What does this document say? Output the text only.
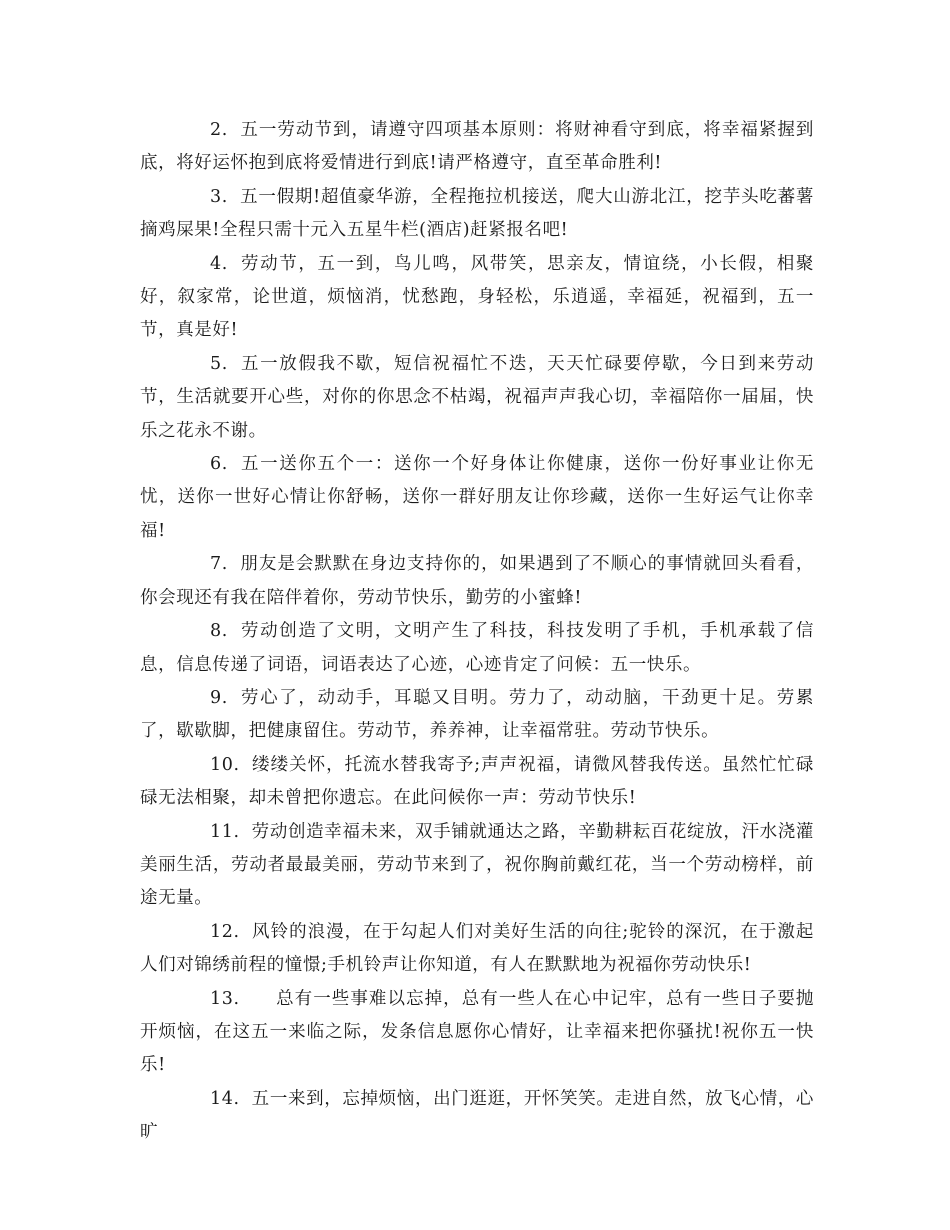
2. 五一劳动节到，请遵守四项基本原则：将财神看守到底，将幸福紧握到底，将好运怀抱到底将爱情进行到底!请严格遵守，直至革命胜利!

3. 五一假期!超值豪华游，全程拖拉机接送，爬大山游北江，挖芋头吃蕃薯摘鸡屎果!全程只需十元入五星牛栏(酒店)赶紧报名吧!

4. 劳动节，五一到，鸟儿鸣，风带笑，思亲友，情谊绕，小长假，相聚好，叙家常，论世道，烦恼消，忧愁跑，身轻松，乐逍遥，幸福延，祝福到，五一节，真是好!

5. 五一放假我不歇，短信祝福忙不迭，天天忙碌要停歇，今日到来劳动节，生活就要开心些，对你的你思念不枯竭，祝福声声我心切，幸福陪你一届届，快乐之花永不谢。

6. 五一送你五个一：送你一个好身体让你健康，送你一份好事业让你无忧，送你一世好心情让你舒畅，送你一群好朋友让你珍藏，送你一生好运气让你幸福!

7. 朋友是会默默在身边支持你的，如果遇到了不顺心的事情就回头看看，你会现还有我在陪伴着你，劳动节快乐，勤劳的小蜜蜂!

8. 劳动创造了文明，文明产生了科技，科技发明了手机，手机承载了信息，信息传递了词语，词语表达了心迹，心迹肯定了问候：五一快乐。

9. 劳心了，动动手，耳聪又目明。劳力了，动动脑，干劲更十足。劳累了，歇歇脚，把健康留住。劳动节，养养神，让幸福常驻。劳动节快乐。

10. 缕缕关怀，托流水替我寄予;声声祝福，请微风替我传送。虽然忙忙碌碌无法相聚，却未曾把你遗忘。在此问候你一声：劳动节快乐!

11. 劳动创造幸福未来，双手铺就通达之路，辛勤耕耘百花绽放，汗水浇灌美丽生活，劳动者最最美丽，劳动节来到了，祝你胸前戴红花，当一个劳动榜样，前途无量。

12. 风铃的浪漫，在于勾起人们对美好生活的向往;驼铃的深沉，在于激起人们对锦绣前程的憧憬;手机铃声让你知道，有人在默默地为祝福你劳动快乐!

13. 总有一些事难以忘掉，总有一些人在心中记牢，总有一些日子要抛开烦恼，在这五一来临之际，发条信息愿你心情好，让幸福来把你骚扰!祝你五一快乐!

14. 五一来到，忘掉烦恼，出门逛逛，开怀笑笑。走进自然，放飞心情，心旷
